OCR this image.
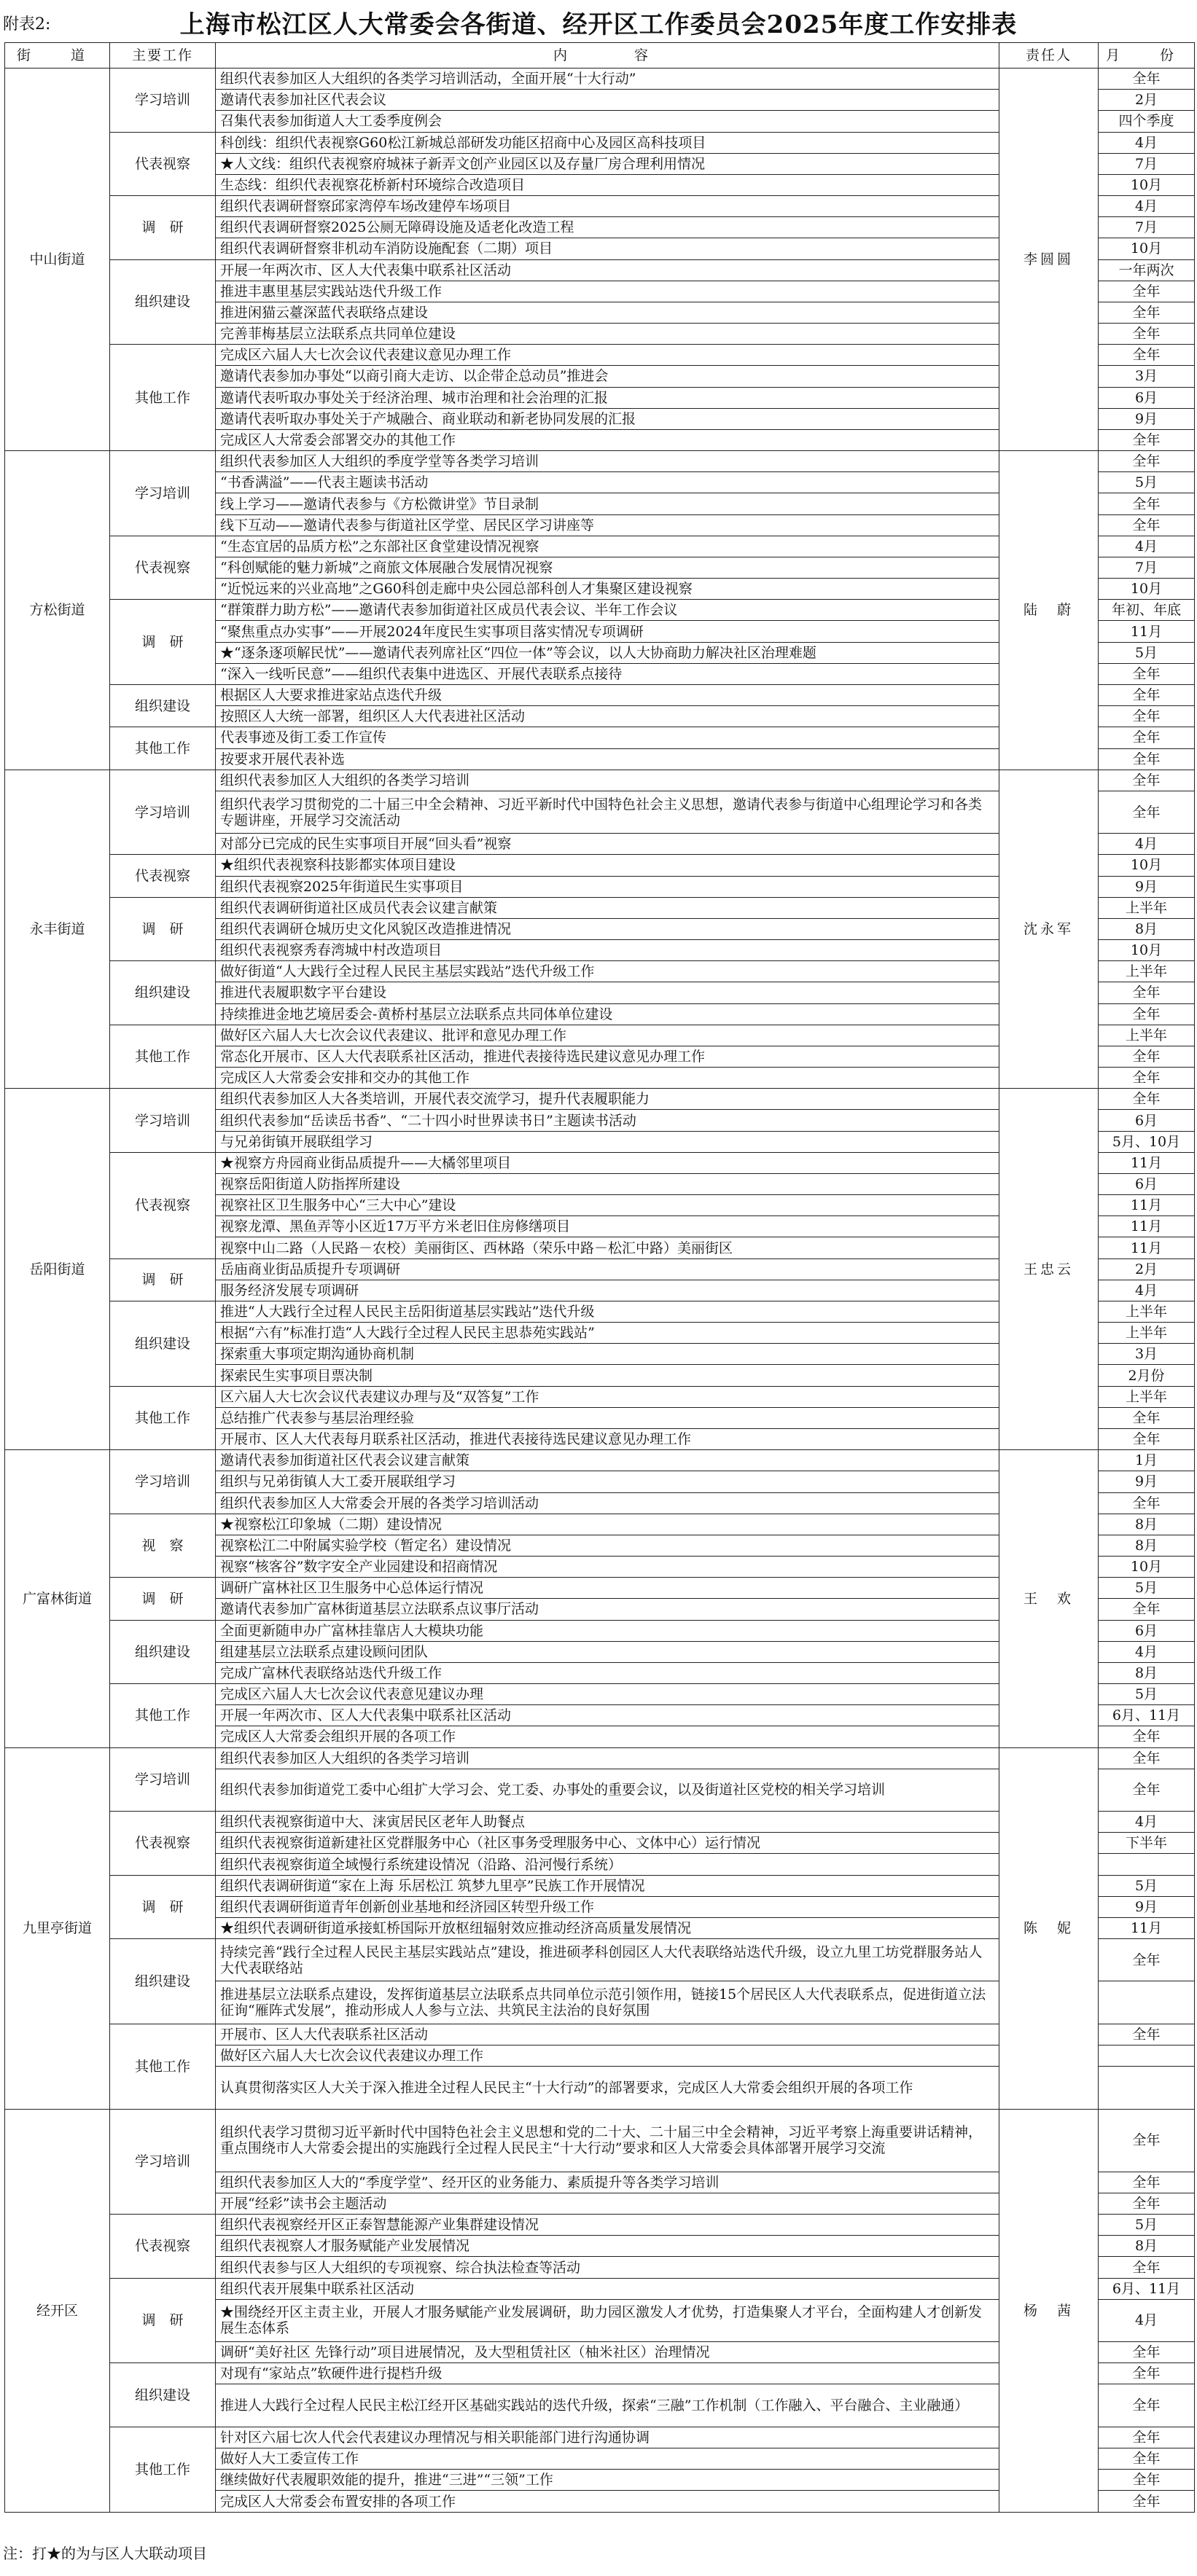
附表2:	上海市松江区人大常委会各街道、经开区工作委员会2025年度工作安排表
街　道	主要工作	内　　容	责任人	月　份
中山街道	学习培训	组织代表参加区人大组织的各类学习培训活动，全面开展“十大行动”	李圆圆	全年
		邀请代表参加社区代表会议		2月
		召集代表参加街道人大工委季度例会		四个季度
	代表视察	科创线：组织代表视察G60松江新城总部研发功能区招商中心及园区高科技项目		4月
		★人文线：组织代表视察府城袜子新弄文创产业园区以及存量厂房合理利用情况		7月
		生态线：组织代表视察花桥新村环境综合改造项目		10月
	调　研	组织代表调研督察邱家湾停车场改建停车场项目		4月
		组织代表调研督察2025公厕无障碍设施及适老化改造工程		7月
		组织代表调研督察非机动车消防设施配套（二期）项目		10月
	组织建设	开展一年两次市、区人大代表集中联系社区活动		一年两次
		推进丰惠里基层实践站迭代升级工作		全年
		推进闲猫云薹深蓝代表联络点建设		全年
		完善菲梅基层立法联系点共同单位建设		全年
	其他工作	完成区六届人大七次会议代表建议意见办理工作		全年
		邀请代表参加办事处“以商引商大走访、以企带企总动员”推进会		3月
		邀请代表听取办事处关于经济治理、城市治理和社会治理的汇报		6月
		邀请代表听取办事处关于产城融合、商业联动和新老协同发展的汇报		9月
		完成区人大常委会部署交办的其他工作		全年
方松街道	学习培训	组织代表参加区人大组织的季度学堂等各类学习培训	陆　蔚	全年
		“书香满溢”——代表主题读书活动		5月
		线上学习——邀请代表参与《方松微讲堂》节目录制		全年
		线下互动——邀请代表参与街道社区学堂、居民区学习讲座等		全年
	代表视察	“生态宜居的品质方松”之东部社区食堂建设情况视察		4月
		“科创赋能的魅力新城”之商旅文体展融合发展情况视察		7月
		“近悦远来的兴业高地”之G60科创走廊中央公园总部科创人才集聚区建设视察		10月
	调　研	“群策群力助方松”——邀请代表参加街道社区成员代表会议、半年工作会议		年初、年底
		“聚焦重点办实事”——开展2024年度民生实事项目落实情况专项调研		11月
		★“逐条逐项解民忧”——邀请代表列席社区“四位一体”等会议，以人大协商助力解决社区治理难题		5月
		“深入一线听民意”——组织代表集中进选区、开展代表联系点接待		全年
	组织建设	根据区人大要求推进家站点迭代升级		全年
		按照区人大统一部署，组织区人大代表进社区活动		全年
	其他工作	代表事迹及街工委工作宣传		全年
		按要求开展代表补选		全年
永丰街道	学习培训	组织代表参加区人大组织的各类学习培训	沈永军	全年
		组织代表学习贯彻党的二十届三中全会精神、习近平新时代中国特色社会主义思想，邀请代表参与街道中心组理论学习和各类专题讲座，开展学习交流活动		全年
		对部分已完成的民生实事项目开展“回头看”视察		4月
	代表视察	★组织代表视察科技影都实体项目建设		10月
		组织代表视察2025年街道民生实事项目		9月
	调　研	组织代表调研街道社区成员代表会议建言献策		上半年
		组织代表调研仓城历史文化风貌区改造推进情况		8月
		组织代表视察秀春湾城中村改造项目		10月
	组织建设	做好街道“人大践行全过程人民民主基层实践站”迭代升级工作		上半年
		推进代表履职数字平台建设		全年
		持续推进金地艺境居委会-黄桥村基层立法联系点共同体单位建设		全年
	其他工作	做好区六届人大七次会议代表建议、批评和意见办理工作		上半年
		常态化开展市、区人大代表联系社区活动，推进代表接待选民建议意见办理工作		全年
		完成区人大常委会安排和交办的其他工作		全年
岳阳街道	学习培训	组织代表参加区人大各类培训，开展代表交流学习，提升代表履职能力	王忠云	全年
		组织代表参加“岳读岳书香”、“二十四小时世界读书日”主题读书活动		6月
		与兄弟街镇开展联组学习		5月、10月
	代表视察	★视察方舟园商业街品质提升——大橘邻里项目		11月
		视察岳阳街道人防指挥所建设		6月
		视察社区卫生服务中心“三大中心”建设		11月
		视察龙潭、黑鱼弄等小区近17万平方米老旧住房修缮项目		11月
		视察中山二路（人民路－农校）美丽街区、西林路（荣乐中路－松汇中路）美丽街区		11月
	调　研	岳庙商业街品质提升专项调研		2月
		服务经济发展专项调研		4月
	组织建设	推进“人大践行全过程人民民主岳阳街道基层实践站”迭代升级		上半年
		根据“六有”标准打造“人大践行全过程人民民主思恭苑实践站”		上半年
		探索重大事项定期沟通协商机制		3月
		探索民生实事项目票决制		2月份
	其他工作	区六届人大七次会议代表建议办理与及“双答复”工作		上半年
		总结推广代表参与基层治理经验		全年
		开展市、区人大代表每月联系社区活动，推进代表接待选民建议意见办理工作		全年
广富林街道	学习培训	邀请代表参加街道社区代表会议建言献策	王　欢	1月
		组织与兄弟街镇人大工委开展联组学习		9月
		组织代表参加区人大常委会开展的各类学习培训活动		全年
	视　察	★视察松江印象城（二期）建设情况		8月
		视察松江二中附属实验学校（暂定名）建设情况		8月
		视察“核客谷”数字安全产业园建设和招商情况		10月
	调　研	调研广富林社区卫生服务中心总体运行情况		5月
		邀请代表参加广富林街道基层立法联系点议事厅活动		全年
	组织建设	全面更新随申办广富林挂靠店人大模块功能		6月
		组建基层立法联系点建设顾问团队		4月
		完成广富林代表联络站迭代升级工作		8月
	其他工作	完成区六届人大七次会议代表意见建议办理		5月
		开展一年两次市、区人大代表集中联系社区活动		6月、11月
		完成区人大常委会组织开展的各项工作		全年
九里亭街道	学习培训	组织代表参加区人大组织的各类学习培训	陈　妮	全年
		组织代表参加街道党工委中心组扩大学习会、党工委、办事处的重要会议，以及街道社区党校的相关学习培训		全年
	代表视察	组织代表视察街道中大、涞寅居民区老年人助餐点		4月
		组织代表视察街道新建社区党群服务中心（社区事务受理服务中心、文体中心）运行情况		下半年
		组织代表视察街道全域慢行系统建设情况（沿路、沿河慢行系统）		
	调　研	组织代表调研街道“家在上海 乐居松江 筑梦九里亭”民族工作开展情况		5月
		组织代表调研街道青年创新创业基地和经济园区转型升级工作		9月
		★组织代表调研街道承接虹桥国际开放枢纽辐射效应推动经济高质量发展情况		11月
	组织建设	持续完善“践行全过程人民民主基层实践站点”建设，推进硕孝科创园区人大代表联络站迭代升级，设立九里工坊党群服务站人大代表联络站		全年
		推进基层立法联系点建设，发挥街道基层立法联系点共同单位示范引领作用，链接15个居民区人大代表联系点，促进街道立法征询“雁阵式发展”，推动形成人人参与立法、共筑民主法治的良好氛围		
	其他工作	开展市、区人大代表联系社区活动		全年
		做好区六届人大七次会议代表建议办理工作		
		认真贯彻落实区人大关于深入推进全过程人民民主“十大行动”的部署要求，完成区人大常委会组织开展的各项工作		
经开区	学习培训	组织代表学习贯彻习近平新时代中国特色社会主义思想和党的二十大、二十届三中全会精神，习近平考察上海重要讲话精神，重点围绕市人大常委会提出的实施践行全过程人民民主“十大行动”要求和区人大常委会具体部署开展学习交流	杨　茜	全年
		组织代表参加区人大的“季度学堂”、经开区的业务能力、素质提升等各类学习培训		全年
		开展“经彩”读书会主题活动		全年
	代表视察	组织代表视察经开区正泰智慧能源产业集群建设情况		5月
		组织代表视察人才服务赋能产业发展情况		8月
		组织代表参与区人大组织的专项视察、综合执法检查等活动		全年
	调　研	组织代表开展集中联系社区活动		6月、11月
		★围绕经开区主责主业，开展人才服务赋能产业发展调研，助力园区激发人才优势，打造集聚人才平台，全面构建人才创新发展生态体系		4月
		调研“美好社区 先锋行动”项目进展情况，及大型租赁社区（柚米社区）治理情况		全年
	组织建设	对现有“家站点”软硬件进行提档升级		全年
		推进人大践行全过程人民民主松江经开区基础实践站的迭代升级，探索“三融”工作机制（工作融入、平台融合、主业融通）		全年
	其他工作	针对区六届七次人代会代表建议办理情况与相关职能部门进行沟通协调		全年
		做好人大工委宣传工作		全年
		继续做好代表履职效能的提升，推进“三进”“三领”工作		全年
		完成区人大常委会布置安排的各项工作		全年
注：打★的为与区人大联动项目
